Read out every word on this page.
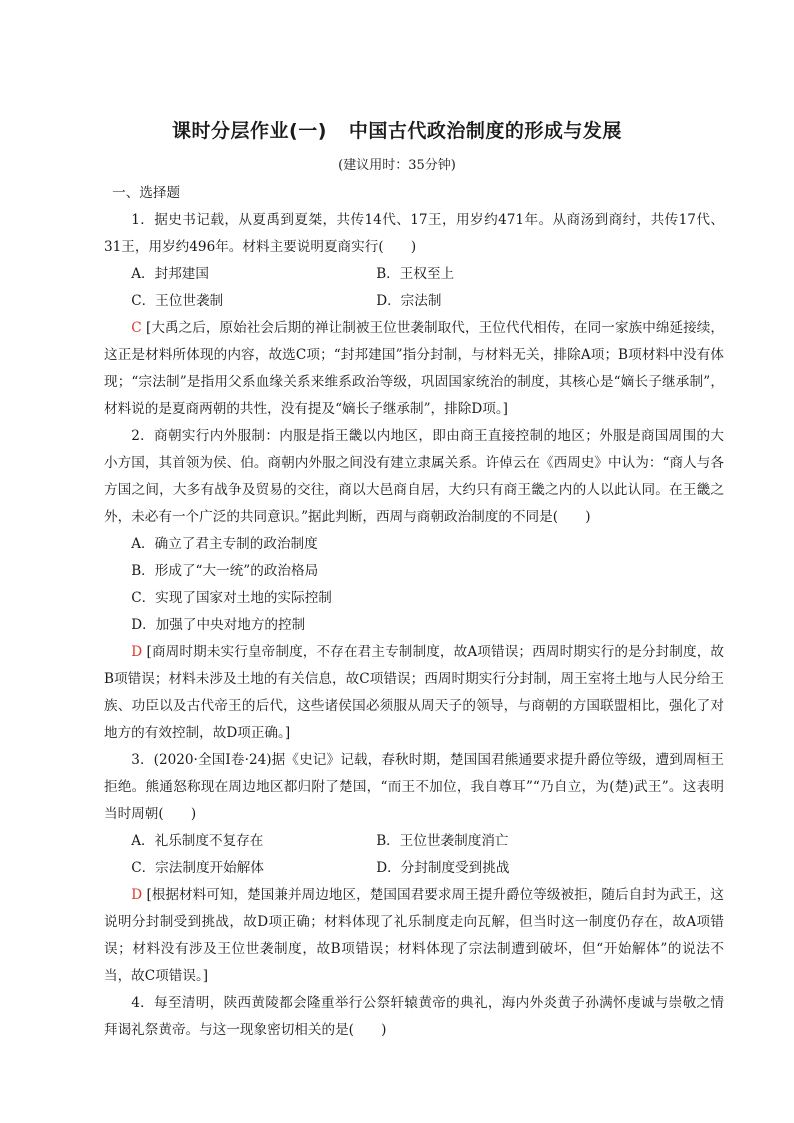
课时分层作业(一) 中国古代政治制度的形成与发展
(建议用时：35分钟)

一、选择题

1．据史书记载，从夏禹到夏桀，共传14代、17王，用岁约471年。从商汤到商纣，共传17代、31王，用岁约496年。材料主要说明夏商实行(　　)

A．封邦建国	B．王权至上
C．王位世袭制	D．宗法制

C [大禹之后，原始社会后期的禅让制被王位世袭制取代，王位代代相传，在同一家族中绵延接续，这正是材料所体现的内容，故选C项；“封邦建国”指分封制，与材料无关，排除A项；B项材料中没有体现；“宗法制”是指用父系血缘关系来维系政治等级，巩固国家统治的制度，其核心是“嫡长子继承制”，材料说的是夏商两朝的共性，没有提及“嫡长子继承制”，排除D项。]

2．商朝实行内外服制：内服是指王畿以内地区，即由商王直接控制的地区；外服是商国周围的大小方国，其首领为侯、伯。商朝内外服之间没有建立隶属关系。许倬云在《西周史》中认为：“商人与各方国之间，大多有战争及贸易的交往，商以大邑商自居，大约只有商王畿之内的人以此认同。在王畿之外，未必有一个广泛的共同意识。”据此判断，西周与商朝政治制度的不同是(　　)

A．确立了君主专制的政治制度
B．形成了“大一统”的政治格局
C．实现了国家对土地的实际控制
D．加强了中央对地方的控制

D [商周时期未实行皇帝制度，不存在君主专制制度，故A项错误；西周时期实行的是分封制度，故B项错误；材料未涉及土地的有关信息，故C项错误；西周时期实行分封制，周王室将土地与人民分给王族、功臣以及古代帝王的后代，这些诸侯国必须服从周天子的领导，与商朝的方国联盟相比，强化了对地方的有效控制，故D项正确。]

3．(2020·全国Ⅰ卷·24)据《史记》记载，春秋时期，楚国国君熊通要求提升爵位等级，遭到周桓王拒绝。熊通怒称现在周边地区都归附了楚国，“而王不加位，我自尊耳”“乃自立，为(楚)武王”。这表明当时周朝(　　)

A．礼乐制度不复存在	B．王位世袭制度消亡
C．宗法制度开始解体	D．分封制度受到挑战

D [根据材料可知，楚国兼并周边地区，楚国国君要求周王提升爵位等级被拒，随后自封为武王，这说明分封制受到挑战，故D项正确；材料体现了礼乐制度走向瓦解，但当时这一制度仍存在，故A项错误；材料没有涉及王位世袭制度，故B项错误；材料体现了宗法制遭到破坏，但“开始解体”的说法不当，故C项错误。]

4．每至清明，陕西黄陵都会隆重举行公祭轩辕黄帝的典礼，海内外炎黄子孙满怀虔诚与崇敬之情拜谒礼祭黄帝。与这一现象密切相关的是(　　)
